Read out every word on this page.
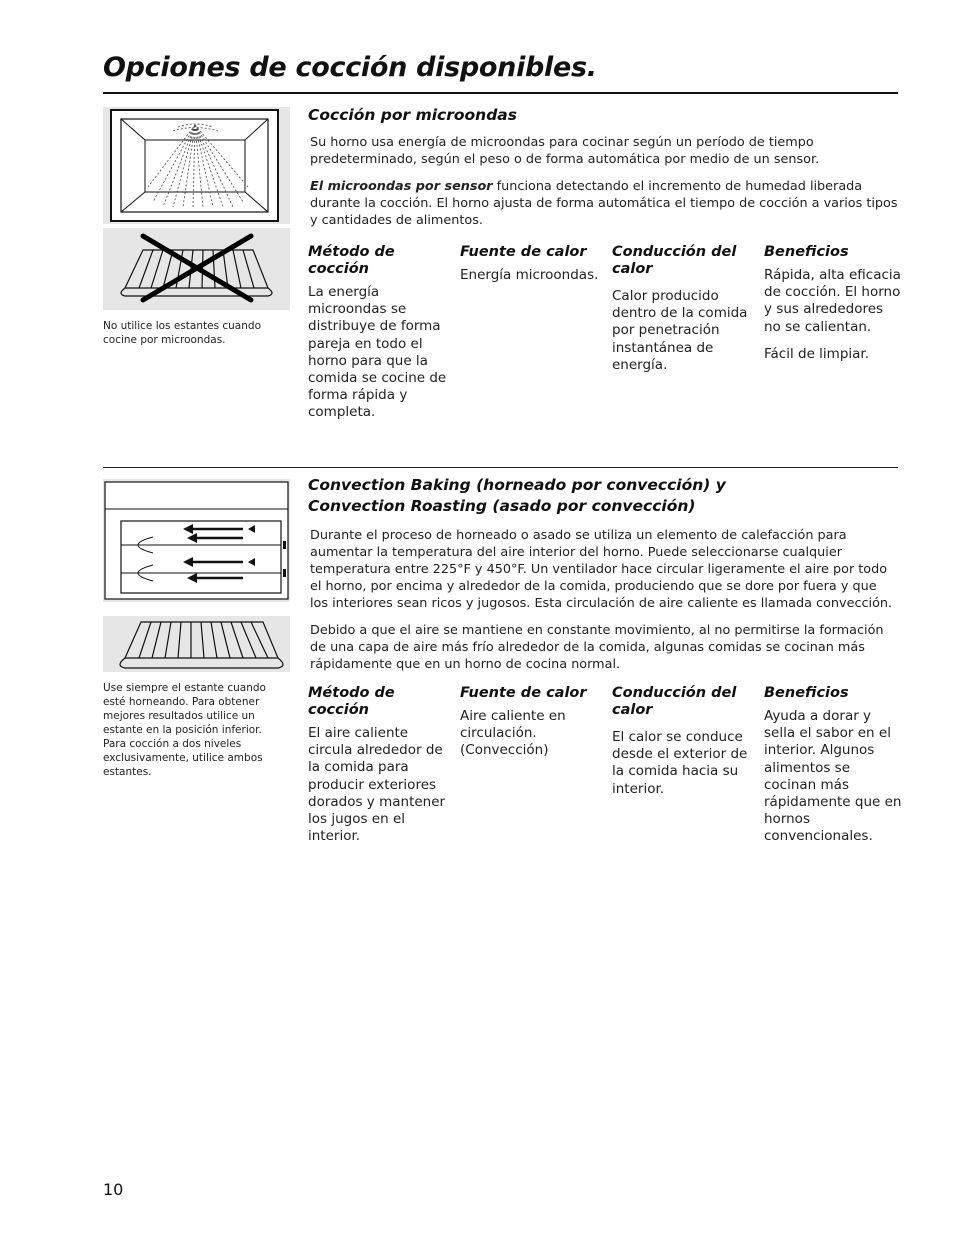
Opciones de cocción disponibles.

No utilice los estantes cuando cocine por microondas.

Cocción por microondas

Su horno usa energía de microondas para cocinar según un período de tiempo predeterminado, según el peso o de forma automática por medio de un sensor.

El microondas por sensor funciona detectando el incremento de humedad liberada durante la cocción. El horno ajusta de forma automática el tiempo de cocción a varios tipos y cantidades de alimentos.

Método de cocción

La energía microondas se distribuye de forma pareja en todo el horno para que la comida se cocine de forma rápida y completa.

Fuente de calor

Energía microondas.

Conducción del calor

Calor producido dentro de la comida por penetración instantánea de energía.

Beneficios

Rápida, alta eficacia de cocción. El horno y sus alrededores no se calientan.

Fácil de limpiar.

Use siempre el estante cuando esté horneando. Para obtener mejores resultados utilice un estante en la posición inferior. Para cocción a dos niveles exclusivamente, utilice ambos estantes.

Convection Baking (horneado por convección) y
Convection Roasting (asado por convección)

Durante el proceso de horneado o asado se utiliza un elemento de calefacción para aumentar la temperatura del aire interior del horno. Puede seleccionarse cualquier temperatura entre 225°F y 450°F. Un ventilador hace circular ligeramente el aire por todo el horno, por encima y alrededor de la comida, produciendo que se dore por fuera y que los interiores sean ricos y jugosos. Esta circulación de aire caliente es llamada convección.

Debido a que el aire se mantiene en constante movimiento, al no permitirse la formación de una capa de aire más frío alrededor de la comida, algunas comidas se cocinan más rápidamente que en un horno de cocina normal.

Método de cocción

El aire caliente circula alrededor de la comida para producir exteriores dorados y mantener los jugos en el interior.

Fuente de calor

Aire caliente en circulación. (Convección)

Conducción del calor

El calor se conduce desde el exterior de la comida hacia su interior.

Beneficios

Ayuda a dorar y sella el sabor en el interior. Algunos alimentos se cocinan más rápidamente que en hornos convencionales.

10
